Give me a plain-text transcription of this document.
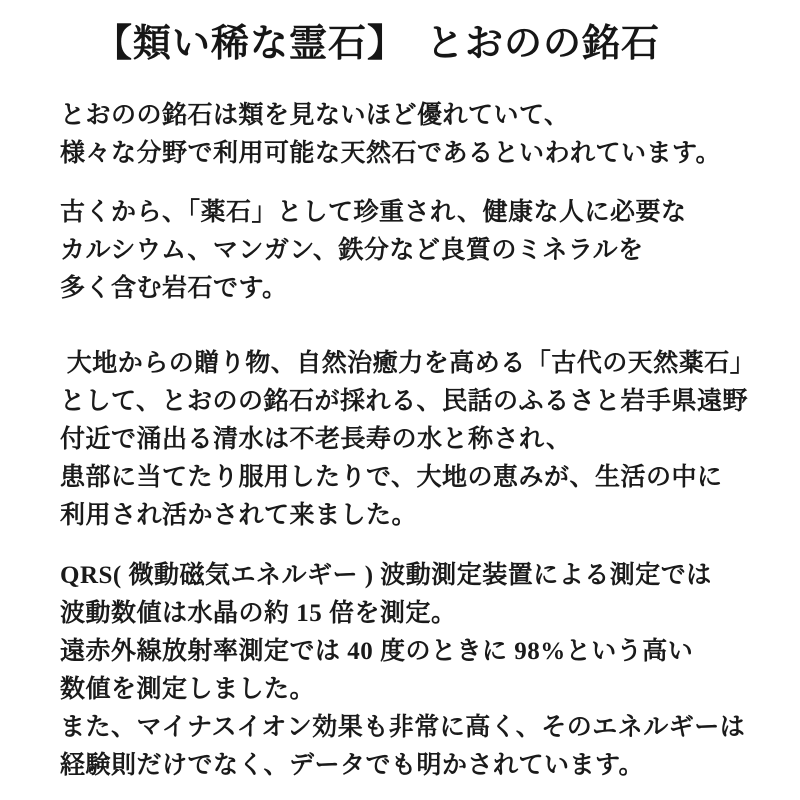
【類い稀な霊石】　とおのの銘石
とおのの銘石は類を見ないほど優れていて、
様々な分野で利用可能な天然石であるといわれています。
古くから、「薬石」として珍重され、健康な人に必要な
カルシウム、マンガン、鉄分など良質のミネラルを
多く含む岩石です。
大地からの贈り物、自然治癒力を高める「古代の天然薬石」
として、とおのの銘石が採れる、民話のふるさと岩手県遠野
付近で涌出る清水は不老長寿の水と称され、
患部に当てたり服用したりで、大地の恵みが、生活の中に
利用され活かされて来ました。
QRS( 微動磁気エネルギー ) 波動測定装置による測定では
波動数値は水晶の約 15 倍を測定。
遠赤外線放射率測定では 40 度のときに 98%という高い
数値を測定しました。
また、マイナスイオン効果も非常に高く、そのエネルギーは
経験則だけでなく、データでも明かされています。
